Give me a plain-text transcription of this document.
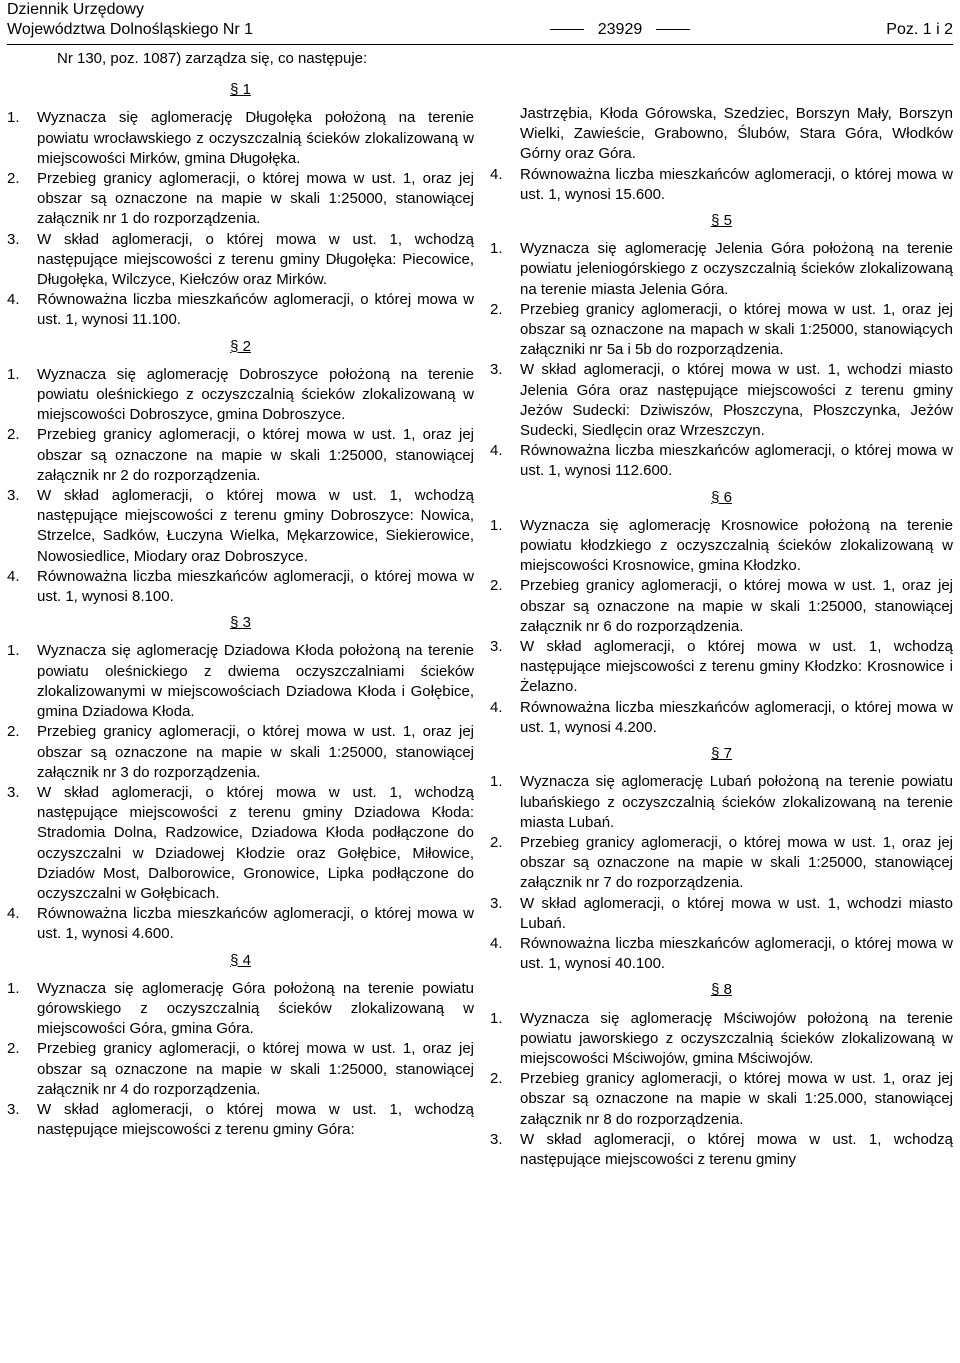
Dziennik Urzędowy
Województwa Dolnośląskiego Nr 1	23929	Poz. 1 i 2
Nr 130, poz. 1087) zarządza się, co następuje:
§ 1
1.	Wyznacza się aglomerację Długołęka położoną na terenie powiatu wrocławskiego z oczyszczalnią ścieków zlokalizowaną w miejscowości Mirków, gmina Długołęka.
2.	Przebieg granicy aglomeracji, o której mowa w ust. 1, oraz jej obszar są oznaczone na mapie w skali 1:25000, stanowiącej załącznik nr 1 do rozporządzenia.
3.	W skład aglomeracji, o której mowa w ust. 1, wchodzą następujące miejscowości z terenu gminy Długołęka: Piecowice, Długołęka, Wilczyce, Kiełczów oraz Mirków.
4.	Równoważna liczba mieszkańców aglomeracji, o której mowa w ust. 1, wynosi 11.100.
§ 2
1.	Wyznacza się aglomerację Dobroszyce położoną na terenie powiatu oleśnickiego z oczyszczalnią ścieków zlokalizowaną w miejscowości Dobroszyce, gmina Dobroszyce.
2.	Przebieg granicy aglomeracji, o której mowa w ust. 1, oraz jej obszar są oznaczone na mapie w skali 1:25000, stanowiącej załącznik nr 2 do rozporządzenia.
3.	W skład aglomeracji, o której mowa w ust. 1, wchodzą następujące miejscowości z terenu gminy Dobroszyce: Nowica, Strzelce, Sadków, Łuczyna Wielka, Mękarzowice, Siekierowice, Nowosiedlice, Miodary oraz Dobroszyce.
4.	Równoważna liczba mieszkańców aglomeracji, o której mowa w ust. 1, wynosi 8.100.
§ 3
1.	Wyznacza się aglomerację Dziadowa Kłoda położoną na terenie powiatu oleśnickiego z dwiema oczyszczalniami ścieków zlokalizowanymi w miejscowościach Dziadowa Kłoda i Gołębice, gmina Dziadowa Kłoda.
2.	Przebieg granicy aglomeracji, o której mowa w ust. 1, oraz jej obszar są oznaczone na mapie w skali 1:25000, stanowiącej załącznik nr 3 do rozporządzenia.
3.	W skład aglomeracji, o której mowa w ust. 1, wchodzą następujące miejscowości z terenu gminy Dziadowa Kłoda: Stradomia Dolna, Radzowice, Dziadowa Kłoda podłączone do oczyszczalni w Dziadowej Kłodzie oraz Gołębice, Miłowice, Dziadów Most, Dalborowice, Gronowice, Lipka podłączone do oczyszczalni w Gołębicach.
4.	Równoważna liczba mieszkańców aglomeracji, o której mowa w ust. 1, wynosi 4.600.
§ 4
1.	Wyznacza się aglomerację Góra położoną na terenie powiatu górowskiego z oczyszczalnią ścieków zlokalizowaną w miejscowości Góra, gmina Góra.
2.	Przebieg granicy aglomeracji, o której mowa w ust. 1, oraz jej obszar są oznaczone na mapie w skali 1:25000, stanowiącej załącznik nr 4 do rozporządzenia.
3.	W skład aglomeracji, o której mowa w ust. 1, wchodzą następujące miejscowości z terenu gminy Góra:
Jastrzębia, Kłoda Górowska, Szedziec, Borszyn Mały, Borszyn Wielki, Zawieście, Grabowno, Ślubów, Stara Góra, Włodków Górny oraz Góra.
4.	Równoważna liczba mieszkańców aglomeracji, o której mowa w ust. 1, wynosi 15.600.
§ 5
1.	Wyznacza się aglomerację Jelenia Góra położoną na terenie powiatu jeleniogórskiego z oczyszczalnią ścieków zlokalizowaną na terenie miasta Jelenia Góra.
2.	Przebieg granicy aglomeracji, o której mowa w ust. 1, oraz jej obszar są oznaczone na mapach w skali 1:25000, stanowiących załączniki nr 5a i 5b do rozporządzenia.
3.	W skład aglomeracji, o której mowa w ust. 1, wchodzi miasto Jelenia Góra oraz następujące miejscowości z terenu gminy Jeżów Sudecki: Dziwiszów, Płoszczyna, Płoszczynka, Jeżów Sudecki, Siedlęcin oraz Wrzeszczyn.
4.	Równoważna liczba mieszkańców aglomeracji, o której mowa w ust. 1, wynosi 112.600.
§ 6
1.	Wyznacza się aglomerację Krosnowice położoną na terenie powiatu kłodzkiego z oczyszczalnią ścieków zlokalizowaną w miejscowości Krosnowice, gmina Kłodzko.
2.	Przebieg granicy aglomeracji, o której mowa w ust. 1, oraz jej obszar są oznaczone na mapie w skali 1:25000, stanowiącej załącznik nr 6 do rozporządzenia.
3.	W skład aglomeracji, o której mowa w ust. 1, wchodzą następujące miejscowości z terenu gminy Kłodzko: Krosnowice i Żelazno.
4.	Równoważna liczba mieszkańców aglomeracji, o której mowa w ust. 1, wynosi 4.200.
§ 7
1.	Wyznacza się aglomerację Lubań położoną na terenie powiatu lubańskiego z oczyszczalnią ścieków zlokalizowaną na terenie miasta Lubań.
2.	Przebieg granicy aglomeracji, o której mowa w ust. 1, oraz jej obszar są oznaczone na mapie w skali 1:25000, stanowiącej załącznik nr 7 do rozporządzenia.
3.	W skład aglomeracji, o której mowa w ust. 1, wchodzi miasto Lubań.
4.	Równoważna liczba mieszkańców aglomeracji, o której mowa w ust. 1, wynosi 40.100.
§ 8
1.	Wyznacza się aglomerację Mściwojów położoną na terenie powiatu jaworskiego z oczyszczalnią ścieków zlokalizowaną w miejscowości Mściwojów, gmina Mściwojów.
2.	Przebieg granicy aglomeracji, o której mowa w ust. 1, oraz jej obszar są oznaczone na mapie w skali 1:25.000, stanowiącej załącznik nr 8 do rozporządzenia.
3.	W skład aglomeracji, o której mowa w ust. 1, wchodzą następujące miejscowości z terenu gminy
